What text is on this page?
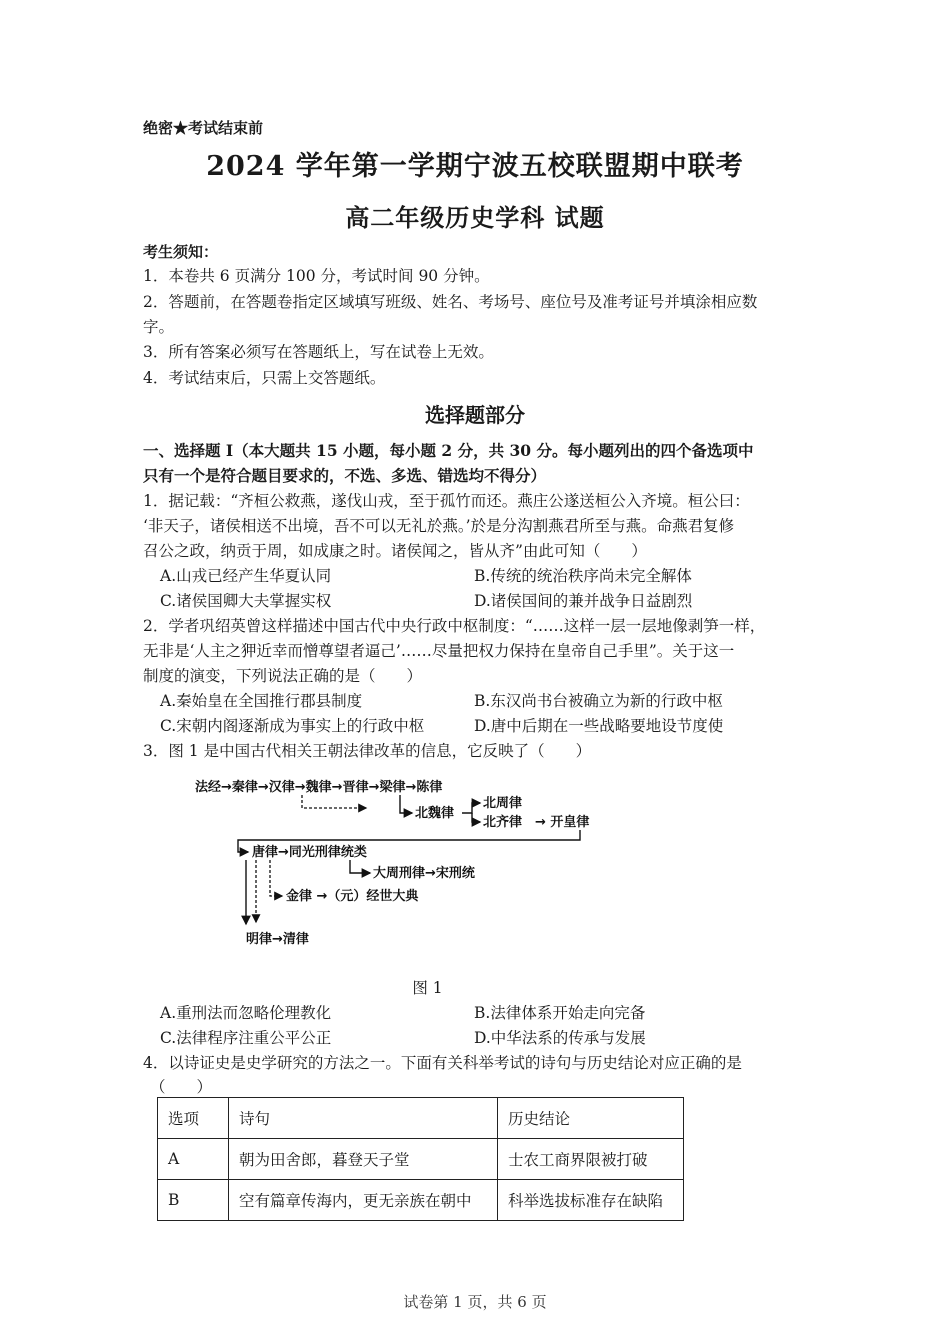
绝密★考试结束前
2024 学年第一学期宁波五校联盟期中联考
高二年级历史学科 试题
考生须知：
1．本卷共 6 页满分 100 分，考试时间 90 分钟。
2．答题前，在答题卷指定区域填写班级、姓名、考场号、座位号及准考证号并填涂相应数
字。
3．所有答案必须写在答题纸上，写在试卷上无效。
4．考试结束后，只需上交答题纸。
选择题部分
一、选择题 I（本大题共 15 小题，每小题 2 分，共 30 分。每小题列出的四个备选项中
只有一个是符合题目要求的，不选、多选、错选均不得分）
1．据记载：“齐桓公救燕，遂伐山戎，至于孤竹而还。燕庄公遂送桓公入齐境。桓公曰：
‘非天子，诸侯相送不出境，吾不可以无礼於燕。’於是分沟割燕君所至与燕。命燕君复修
召公之政，纳贡于周，如成康之时。诸侯闻之，皆从齐”由此可知（　　）
A.山戎已经产生华夏认同	B.传统的统治秩序尚未完全解体
C.诸侯国卿大夫掌握实权	D.诸侯国间的兼并战争日益剧烈
2．学者巩绍英曾这样描述中国古代中央行政中枢制度：“……这样一层一层地像剥笋一样，
无非是‘人主之狎近幸而憎尊望者逼己’……尽量把权力保持在皇帝自己手里”。关于这一
制度的演变，下列说法正确的是（　　）
A.秦始皇在全国推行郡县制度	B.东汉尚书台被确立为新的行政中枢
C.宋朝内阁逐渐成为事实上的行政中枢	D.唐中后期在一些战略要地设节度使
3．图 1 是中国古代相关王朝法律改革的信息，它反映了（　　）
法经→秦律→汉律→魏律→晋律→梁律→陈律
北魏律
北周律
北齐律 → 开皇律
唐律→同光刑律统类
大周刑律→宋刑统
金律 →（元）经世大典
明律→清律
图 1
A.重刑法而忽略伦理教化	B.法律体系开始走向完备
C.法律程序注重公平公正	D.中华法系的传承与发展
4．以诗证史是史学研究的方法之一。下面有关科举考试的诗句与历史结论对应正确的是
（　　）
选项	诗句	历史结论
A	朝为田舍郎，暮登天子堂	士农工商界限被打破
B	空有篇章传海内，更无亲族在朝中	科举选拔标准存在缺陷
试卷第 1 页，共 6 页
